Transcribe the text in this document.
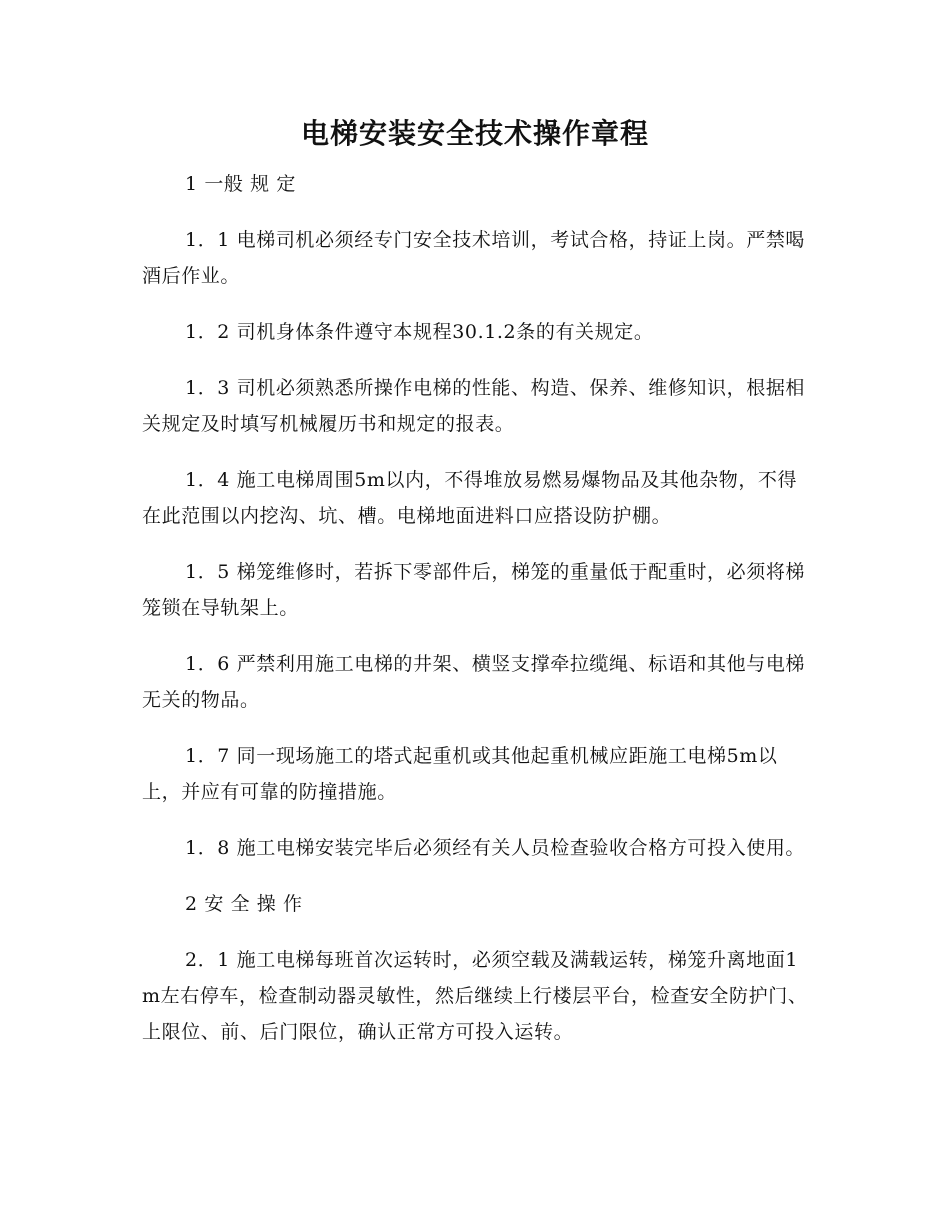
电梯安装安全技术操作章程

1 一般 规 定

1．1 电梯司机必须经专门安全技术培训，考试合格，持证上岗。严禁喝酒后作业。

1．2 司机身体条件遵守本规程30.1.2条的有关规定。

1．3 司机必须熟悉所操作电梯的性能、构造、保养、维修知识，根据相关规定及时填写机械履历书和规定的报表。

1．4 施工电梯周围5m以内，不得堆放易燃易爆物品及其他杂物，不得在此范围以内挖沟、坑、槽。电梯地面进料口应搭设防护棚。

1．5 梯笼维修时，若拆下零部件后，梯笼的重量低于配重时，必须将梯笼锁在导轨架上。

1．6 严禁利用施工电梯的井架、横竖支撑牵拉缆绳、标语和其他与电梯无关的物品。

1．7 同一现场施工的塔式起重机或其他起重机械应距施工电梯5m以上，并应有可靠的防撞措施。

1．8 施工电梯安装完毕后必须经有关人员检查验收合格方可投入使用。

2 安 全 操 作

2．1 施工电梯每班首次运转时，必须空载及满载运转，梯笼升离地面1m左右停车，检查制动器灵敏性，然后继续上行楼层平台，检查安全防护门、上限位、前、后门限位，确认正常方可投入运转。
